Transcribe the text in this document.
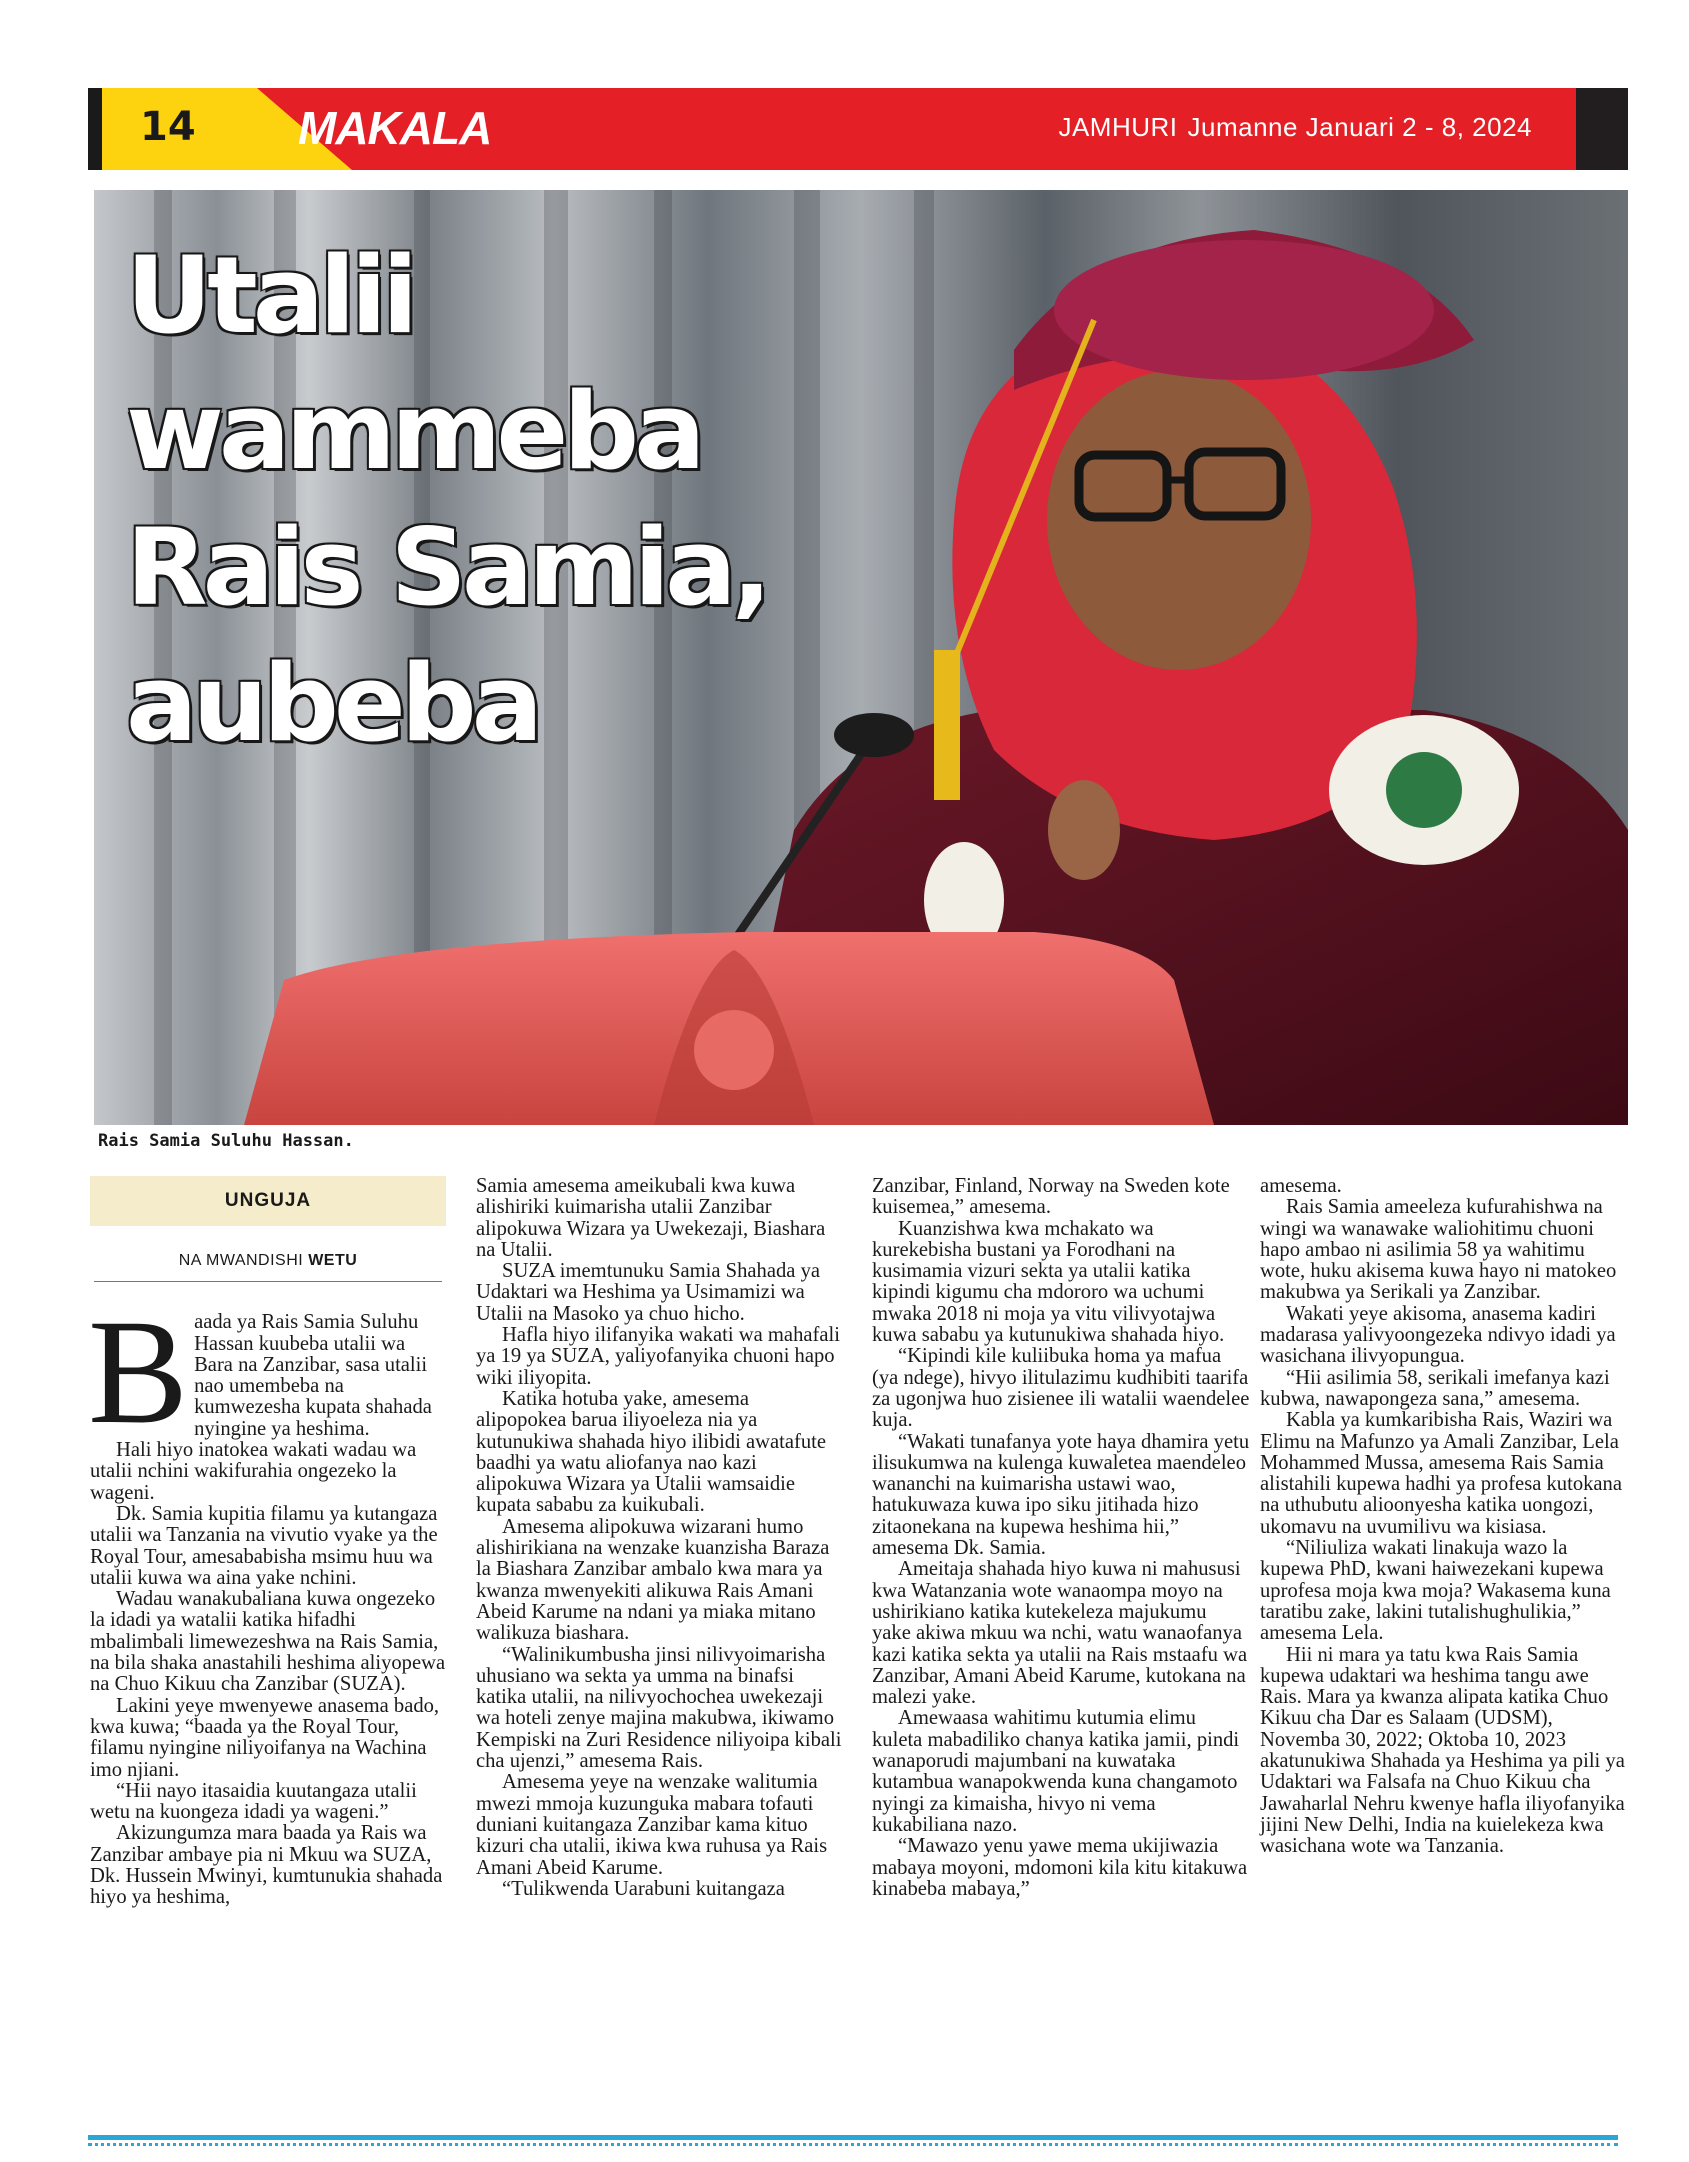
14 MAKALA	JAMHURI Jumanne Januari 2 - 8, 2024
Utalii
wammeba
Rais Samia,
aubeba
Rais Samia Suluhu Hassan.
UNGUJA
NA MWANDISHI WETU

Baada ya Rais Samia Suluhu Hassan kuubeba utalii wa Bara na Zanzibar, sasa utalii nao umembeba na kumwezesha kupata shahada nyingine ya heshima.

Hali hiyo inatokea wakati wadau wa utalii nchini wakifurahia ongezeko la wageni.

Dk. Samia kupitia filamu ya kutangaza utalii wa Tanzania na vivutio vyake ya the Royal Tour, amesababisha msimu huu wa utalii kuwa wa aina yake nchini.

Wadau wanakubaliana kuwa ongezeko la idadi ya watalii katika hifadhi mbalimbali limewezeshwa na Rais Samia, na bila shaka anastahili heshima aliyopewa na Chuo Kikuu cha Zanzibar (SUZA).

Lakini yeye mwenyewe anasema bado, kwa kuwa; “baada ya the Royal Tour, filamu nyingine niliyoifanya na Wachina imo njiani.

“Hii nayo itasaidia kuutangaza utalii wetu na kuongeza idadi ya wageni.”

Akizungumza mara baada ya Rais wa Zanzibar ambaye pia ni Mkuu wa SUZA, Dk. Hussein Mwinyi, kumtunukia shahada hiyo ya heshima,

Samia amesema ameikubali kwa kuwa alishiriki kuimarisha utalii Zanzibar alipokuwa Wizara ya Uwekezaji, Biashara na Utalii.

SUZA imemtunuku Samia Shahada ya Udaktari wa Heshima ya Usimamizi wa Utalii na Masoko ya chuo hicho.

Hafla hiyo ilifanyika wakati wa mahafali ya 19 ya SUZA, yaliyofanyika chuoni hapo wiki iliyopita.

Katika hotuba yake, amesema alipopokea barua iliyoeleza nia ya kutunukiwa shahada hiyo ilibidi awatafute baadhi ya watu aliofanya nao kazi alipokuwa Wizara ya Utalii wamsaidie kupata sababu za kuikubali.

Amesema alipokuwa wizarani humo alishirikiana na wenzake kuanzisha Baraza la Biashara Zanzibar ambalo kwa mara ya kwanza mwenyekiti alikuwa Rais Amani Abeid Karume na ndani ya miaka mitano walikuza biashara.

“Walinikumbusha jinsi nilivyoimarisha uhusiano wa sekta ya umma na binafsi katika utalii, na nilivyochochea uwekezaji wa hoteli zenye majina makubwa, ikiwamo Kempiski na Zuri Residence niliyoipa kibali cha ujenzi,” amesema Rais.

Amesema yeye na wenzake walitumia mwezi mmoja kuzunguka mabara tofauti duniani kuitangaza Zanzibar kama kituo kizuri cha utalii, ikiwa kwa ruhusa ya Rais Amani Abeid Karume.

“Tulikwenda Uarabuni kuitangaza

Zanzibar, Finland, Norway na Sweden kote kuisemea,” amesema.

Kuanzishwa kwa mchakato wa kurekebisha bustani ya Forodhani na kusimamia vizuri sekta ya utalii katika kipindi kigumu cha mdororo wa uchumi mwaka 2018 ni moja ya vitu vilivyotajwa kuwa sababu ya kutunukiwa shahada hiyo.

“Kipindi kile kuliibuka homa ya mafua (ya ndege), hivyo ilitulazimu kudhibiti taarifa za ugonjwa huo zisienee ili watalii waendelee kuja.

“Wakati tunafanya yote haya dhamira yetu ilisukumwa na kulenga kuwaletea maendeleo wananchi na kuimarisha ustawi wao, hatukuwaza kuwa ipo siku jitihada hizo zitaonekana na kupewa heshima hii,” amesema Dk. Samia.

Ameitaja shahada hiyo kuwa ni mahususi kwa Watanzania wote wanaompa moyo na ushirikiano katika kutekeleza majukumu yake akiwa mkuu wa nchi, watu wanaofanya kazi katika sekta ya utalii na Rais mstaafu wa Zanzibar, Amani Abeid Karume, kutokana na malezi yake.

Amewaasa wahitimu kutumia elimu kuleta mabadiliko chanya katika jamii, pindi wanaporudi majumbani na kuwataka kutambua wanapokwenda kuna changamoto nyingi za kimaisha, hivyo ni vema kukabiliana nazo.

“Mawazo yenu yawe mema ukijiwazia mabaya moyoni, mdomoni kila kitu kitakuwa kinabeba mabaya,”

amesema.

Rais Samia ameeleza kufurahishwa na wingi wa wanawake waliohitimu chuoni hapo ambao ni asilimia 58 ya wahitimu wote, huku akisema kuwa hayo ni matokeo makubwa ya Serikali ya Zanzibar.

Wakati yeye akisoma, anasema kadiri madarasa yalivyoongezeka ndivyo idadi ya wasichana ilivyopungua.

“Hii asilimia 58, serikali imefanya kazi kubwa, nawapongeza sana,” amesema.

Kabla ya kumkaribisha Rais, Waziri wa Elimu na Mafunzo ya Amali Zanzibar, Lela Mohammed Mussa, amesema Rais Samia alistahili kupewa hadhi ya profesa kutokana na uthubutu alioonyesha katika uongozi, ukomavu na uvumilivu wa kisiasa.

“Niliuliza wakati linakuja wazo la kupewa PhD, kwani haiwezekani kupewa uprofesa moja kwa moja? Wakasema kuna taratibu zake, lakini tutalishughulikia,” amesema Lela.

Hii ni mara ya tatu kwa Rais Samia kupewa udaktari wa heshima tangu awe Rais. Mara ya kwanza alipata katika Chuo Kikuu cha Dar es Salaam (UDSM), Novemba 30, 2022; Oktoba 10, 2023 akatunukiwa Shahada ya Heshima ya pili ya Udaktari wa Falsafa na Chuo Kikuu cha Jawaharlal Nehru kwenye hafla iliyofanyika jijini New Delhi, India na kuielekeza kwa wasichana wote wa Tanzania.
